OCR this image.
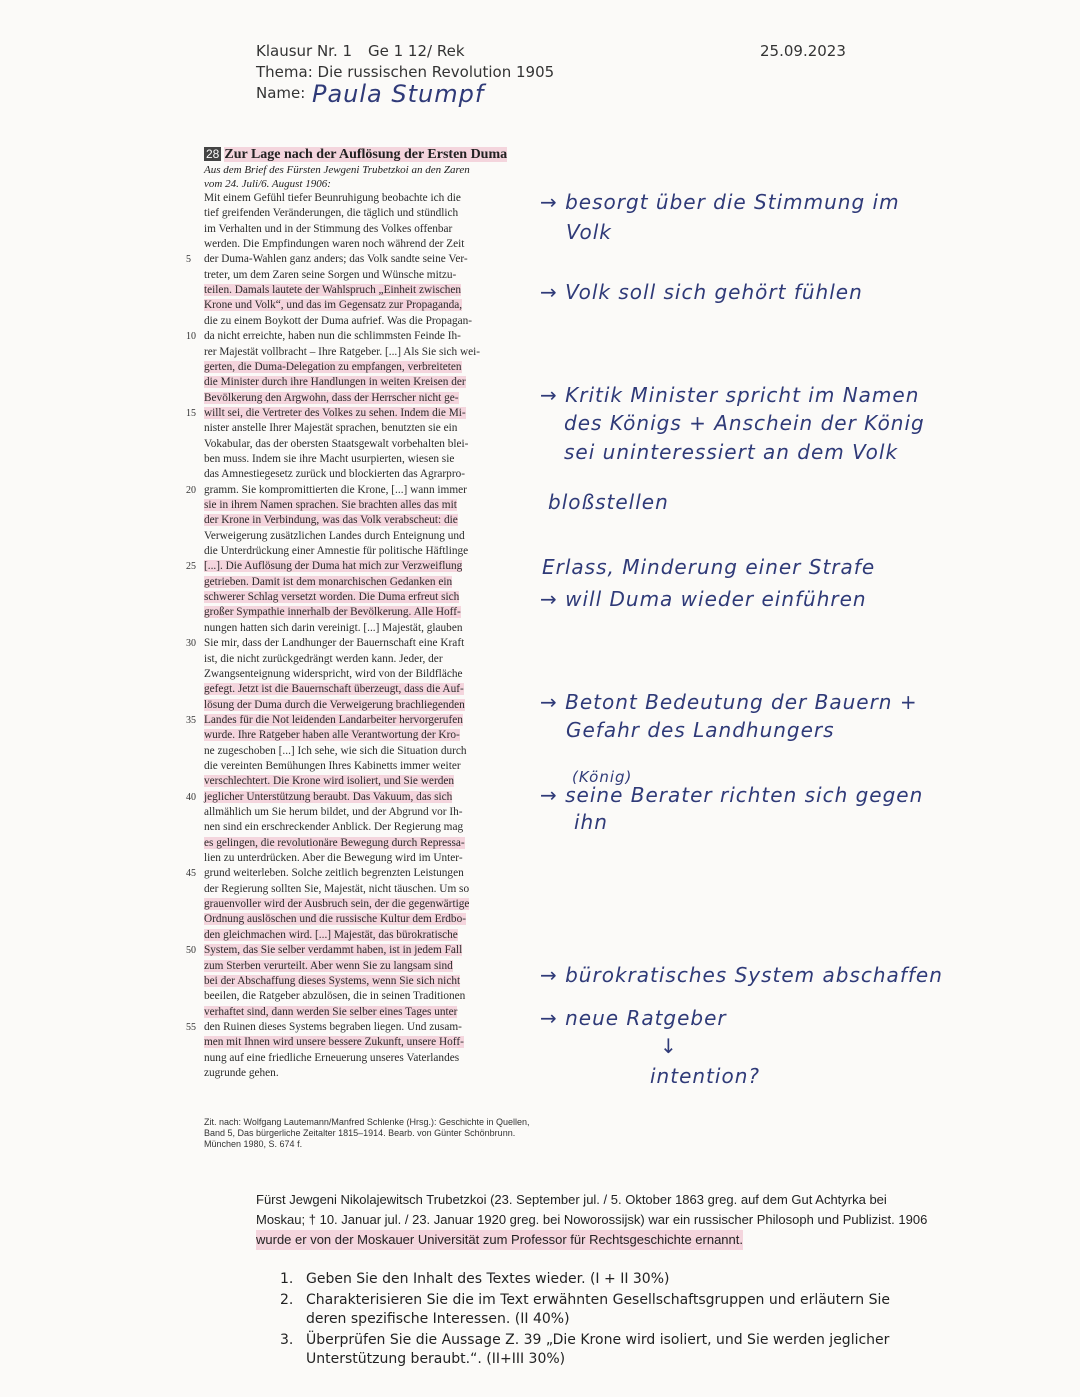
Klausur Nr. 1 Ge 1 12/ Rek	25.09.2023
Thema: Die russischen Revolution 1905
Name: Paula Stumpf
28 Zur Lage nach der Auflösung der Ersten Duma
Aus dem Brief des Fürsten Jewgeni Trubetzkoi an den Zaren
vom 24. Juli/6. August 1906:
Mit einem Gefühl tiefer Beunruhigung beobachte ich die
tief greifenden Veränderungen, die täglich und stündlich
im Verhalten und in der Stimmung des Volkes offenbar
werden. Die Empfindungen waren noch während der Zeit
der Duma-Wahlen ganz anders; das Volk sandte seine Ver-
treter, um dem Zaren seine Sorgen und Wünsche mitzu-
teilen. Damals lautete der Wahlspruch „Einheit zwischen
Krone und Volk“, und das im Gegensatz zur Propaganda,
die zu einem Boykott der Duma aufrief. Was die Propagan-
da nicht erreichte, haben nun die schlimmsten Feinde Ih-
rer Majestät vollbracht – Ihre Ratgeber. [...] Als Sie sich wei-
gerten, die Duma-Delegation zu empfangen, verbreiteten
die Minister durch ihre Handlungen in weiten Kreisen der
Bevölkerung den Argwohn, dass der Herrscher nicht ge-
willt sei, die Vertreter des Volkes zu sehen. Indem die Mi-
nister anstelle Ihrer Majestät sprachen, benutzten sie ein
Vokabular, das der obersten Staatsgewalt vorbehalten blei-
ben muss. Indem sie ihre Macht usurpierten, wiesen sie
das Amnestiegesetz zurück und blockierten das Agrarpro-
gramm. Sie kompromittierten die Krone, [...] wann immer
sie in ihrem Namen sprachen. Sie brachten alles das mit
der Krone in Verbindung, was das Volk verabscheut: die
Verweigerung zusätzlichen Landes durch Enteignung und
die Unterdrückung einer Amnestie für politische Häftlinge
[...]. Die Auflösung der Duma hat mich zur Verzweiflung
getrieben. Damit ist dem monarchischen Gedanken ein
schwerer Schlag versetzt worden. Die Duma erfreut sich
großer Sympathie innerhalb der Bevölkerung. Alle Hoff-
nungen hatten sich darin vereinigt. [...] Majestät, glauben
Sie mir, dass der Landhunger der Bauernschaft eine Kraft
ist, die nicht zurückgedrängt werden kann. Jeder, der
Zwangsenteignung widerspricht, wird von der Bildfläche
gefegt. Jetzt ist die Bauernschaft überzeugt, dass die Auf-
lösung der Duma durch die Verweigerung brachliegenden
Landes für die Not leidenden Landarbeiter hervorgerufen
wurde. Ihre Ratgeber haben alle Verantwortung der Kro-
ne zugeschoben [...] Ich sehe, wie sich die Situation durch
die vereinten Bemühungen Ihres Kabinetts immer weiter
verschlechtert. Die Krone wird isoliert, und Sie werden
jeglicher Unterstützung beraubt. Das Vakuum, das sich
allmählich um Sie herum bildet, und der Abgrund vor Ih-
nen sind ein erschreckender Anblick. Der Regierung mag
es gelingen, die revolutionäre Bewegung durch Repressa-
lien zu unterdrücken. Aber die Bewegung wird im Unter-
grund weiterleben. Solche zeitlich begrenzten Leistungen
der Regierung sollten Sie, Majestät, nicht täuschen. Um so
grauenvoller wird der Ausbruch sein, der die gegenwärtige
Ordnung auslöschen und die russische Kultur dem Erdbo-
den gleichmachen wird. [...] Majestät, das bürokratische
System, das Sie selber verdammt haben, ist in jedem Fall
zum Sterben verurteilt. Aber wenn Sie zu langsam sind
bei der Abschaffung dieses Systems, wenn Sie sich nicht
beeilen, die Ratgeber abzulösen, die in seinen Traditionen
verhaftet sind, dann werden Sie selber eines Tages unter
den Ruinen dieses Systems begraben liegen. Und zusam-
men mit Ihnen wird unsere bessere Zukunft, unsere Hoff-
nung auf eine friedliche Erneuerung unseres Vaterlandes
zugrunde gehen.
5
10
15
20
25
30
35
40
45
50
55
Zit. nach: Wolfgang Lautemann/Manfred Schlenke (Hrsg.): Geschichte in Quellen, Band 5, Das bürgerliche Zeitalter 1815–1914. Bearb. von Günter Schönbrunn. München 1980, S. 674 f.
→ besorgt über die Stimmung im
Volk
→ Volk soll sich gehört fühlen
→ Kritik Minister spricht im Namen
des Königs + Anschein der König
sei uninteressiert an dem Volk
bloßstellen
Erlass, Minderung einer Strafe
→ will Duma wieder einführen
→ Betont Bedeutung der Bauern +
Gefahr des Landhungers
(König)
→ seine Berater richten sich gegen
ihn
→ bürokratisches System abschaffen
→ neue Ratgeber
↓
intention?
Fürst Jewgeni Nikolajewitsch Trubetzkoi (23. September jul. / 5. Oktober 1863 greg. auf dem Gut Achtyrka bei
Moskau; † 10. Januar jul. / 23. Januar 1920 greg. bei Noworossijsk) war ein russischer Philosoph und Publizist. 1906
wurde er von der Moskauer Universität zum Professor für Rechtsgeschichte ernannt.
1. Geben Sie den Inhalt des Textes wieder. (I + II 30%)
2. Charakterisieren Sie die im Text erwähnten Gesellschaftsgruppen und erläutern Sie deren spezifische Interessen. (II 40%)
3. Überprüfen Sie die Aussage Z. 39 „Die Krone wird isoliert, und Sie werden jeglicher Unterstützung beraubt.“. (II+III 30%)
